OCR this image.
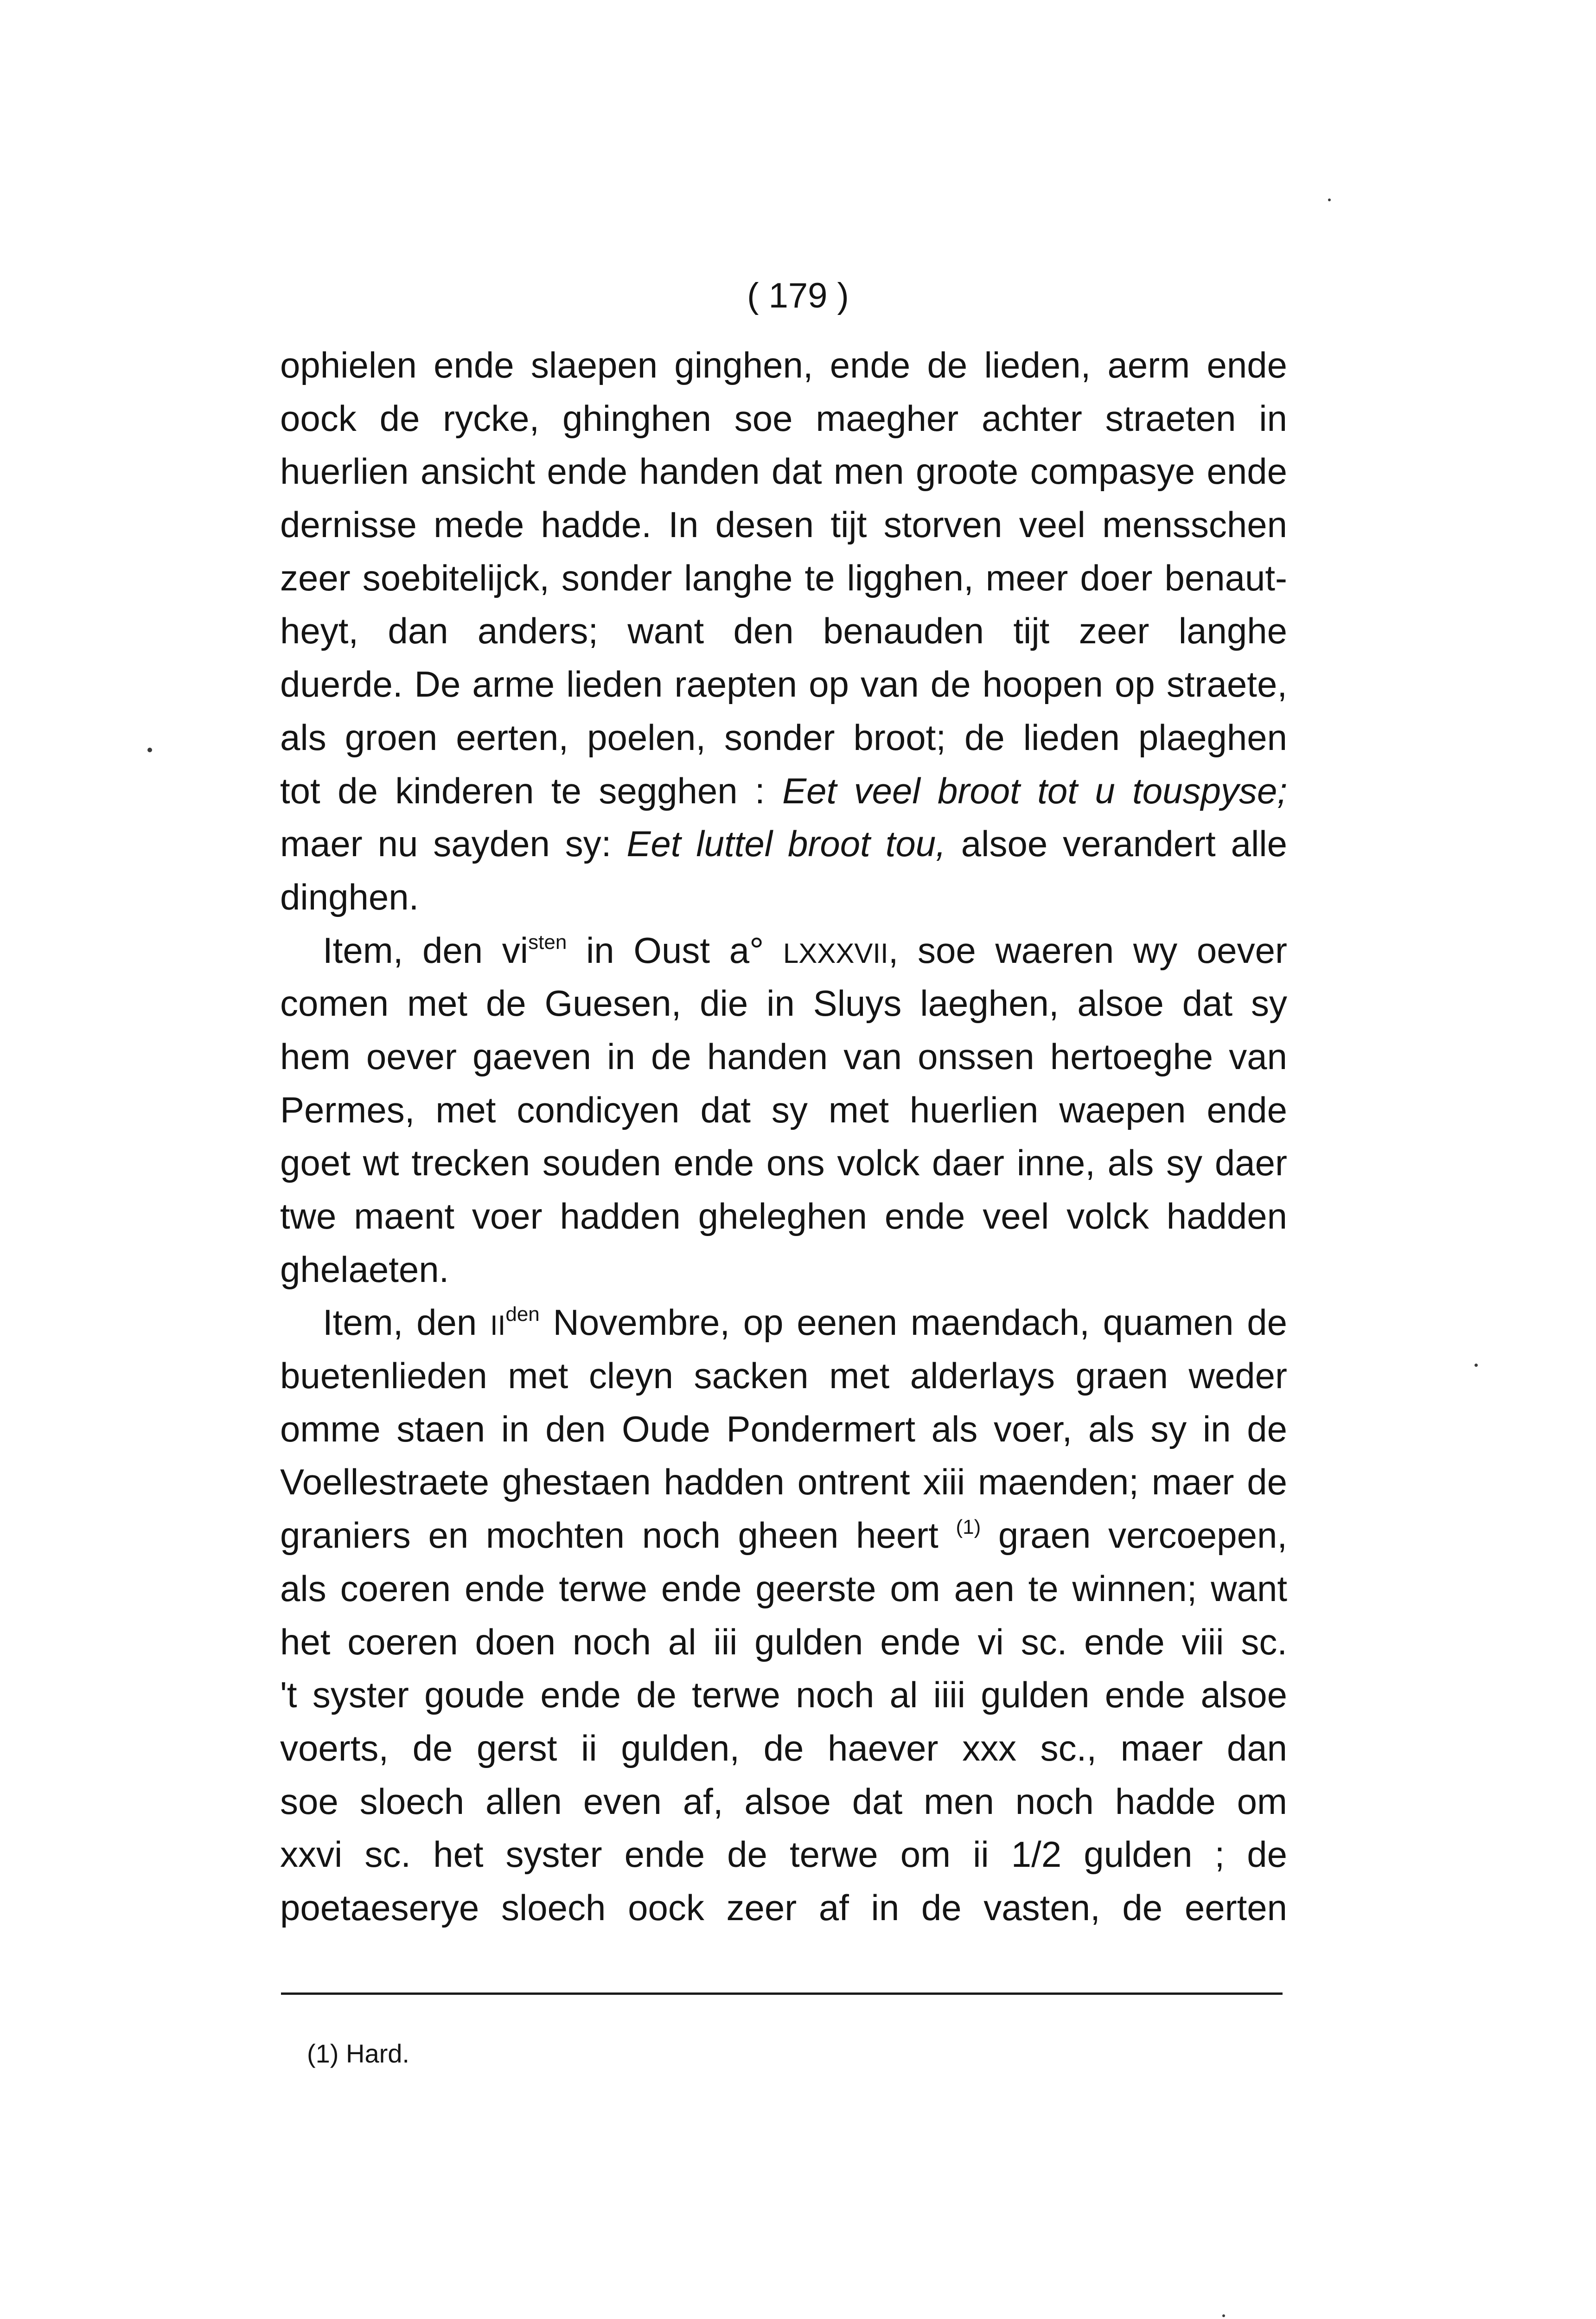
( 179 )
ophielen ende slaepen ginghen, ende de lieden, aerm ende
oock de rycke, ghinghen soe maegher achter straeten in
huerlien ansicht ende handen dat men groote compasye ende
dernisse mede hadde. In desen tijt storven veel mensschen
zeer soebitelijck, sonder langhe te ligghen, meer doer benaut-
heyt, dan anders; want den benauden tijt zeer langhe
duerde. De arme lieden raepten op van de hoopen op straete,
als groen eerten, poelen, sonder broot; de lieden plaeghen
tot de kinderen te segghen : Eet veel broot tot u touspyse;
maer nu sayden sy: Eet luttel broot tou, alsoe verandert alle
dinghen.
Item, den $vi^{sten}$ in Oust a° LXXXVII, soe waeren wy oever
comen met de Guesen, die in Sluys laeghen, alsoe dat sy
hem oever gaeven in de handen van onssen hertoeghe van
Permes, met condicyen dat sy met huerlien waepen ende
goet wt trecken souden ende ons volck daer inne, als sy daer
twe maent voer hadden gheleghen ende veel volck hadden
ghelaeten.
Item, den $II^{den}$ Novembre, op eenen maendach, quamen de
buetenlieden met cleyn sacken met alderlays graen weder
omme staen in den Oude Pondermert als voer, als sy in de
Voellestraete ghestaen hadden ontrent xiii maenden; maer de
graniers en mochten noch gheen heert $^{(1)}$ graen vercoepen,
als coeren ende terwe ende geerste om aen te winnen; want
het coeren doen noch al iii gulden ende vi sc. ende viii sc.
't syster goude ende de terwe noch al iiii gulden ende alsoe
voerts, de gerst ii gulden, de haever xxx sc., maer dan
soe sloech allen even af, alsoe dat men noch hadde om
xxvi sc. het syster ende de terwe om ii 1/2 gulden ; de
poetaeserye sloech oock zeer af in de vasten, de eerten
(1) Hard.
